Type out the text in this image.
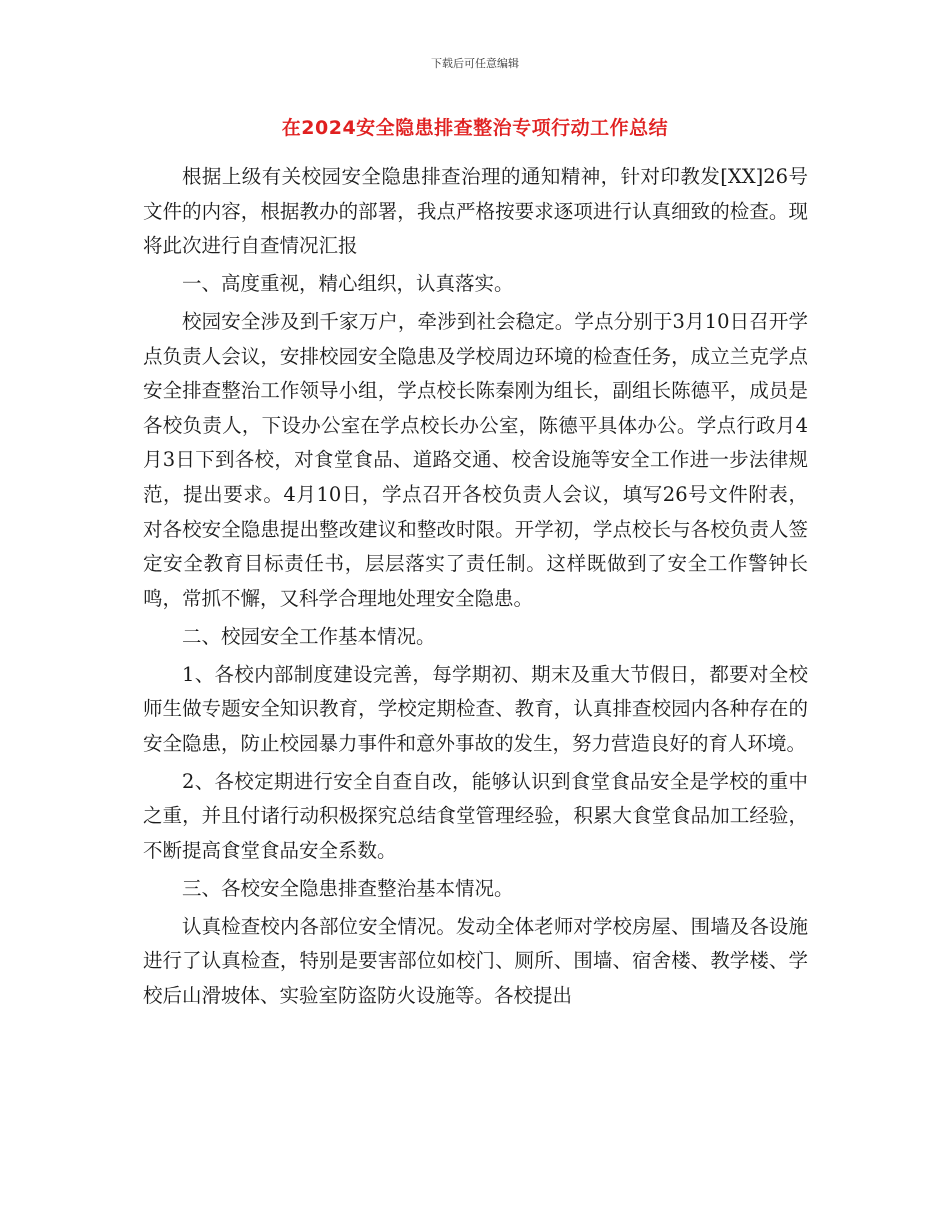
下载后可任意编辑
在2024安全隐患排查整治专项行动工作总结

根据上级有关校园安全隐患排查治理的通知精神，针对印教发[XX]26号文件的内容，根据教办的部署，我点严格按要求逐项进行认真细致的检查。现将此次进行自查情况汇报

一、高度重视，精心组织，认真落实。

校园安全涉及到千家万户，牵涉到社会稳定。学点分别于3月10日召开学点负责人会议，安排校园安全隐患及学校周边环境的检查任务，成立兰克学点安全排查整治工作领导小组，学点校长陈秦刚为组长，副组长陈德平，成员是各校负责人，下设办公室在学点校长办公室，陈德平具体办公。学点行政月4月3日下到各校，对食堂食品、道路交通、校舍设施等安全工作进一步法律规范，提出要求。4月10日，学点召开各校负责人会议，填写26号文件附表，对各校安全隐患提出整改建议和整改时限。开学初，学点校长与各校负责人签定安全教育目标责任书，层层落实了责任制。这样既做到了安全工作警钟长鸣，常抓不懈，又科学合理地处理安全隐患。

二、校园安全工作基本情况。

1、各校内部制度建设完善，每学期初、期末及重大节假日，都要对全校师生做专题安全知识教育，学校定期检查、教育，认真排查校园内各种存在的安全隐患，防止校园暴力事件和意外事故的发生，努力营造良好的育人环境。

2、各校定期进行安全自查自改，能够认识到食堂食品安全是学校的重中之重，并且付诸行动积极探究总结食堂管理经验，积累大食堂食品加工经验，不断提高食堂食品安全系数。

三、各校安全隐患排查整治基本情况。

认真检查校内各部位安全情况。发动全体老师对学校房屋、围墙及各设施进行了认真检查，特别是要害部位如校门、厕所、围墙、宿舍楼、教学楼、学校后山滑坡体、实验室防盗防火设施等。各校提出
